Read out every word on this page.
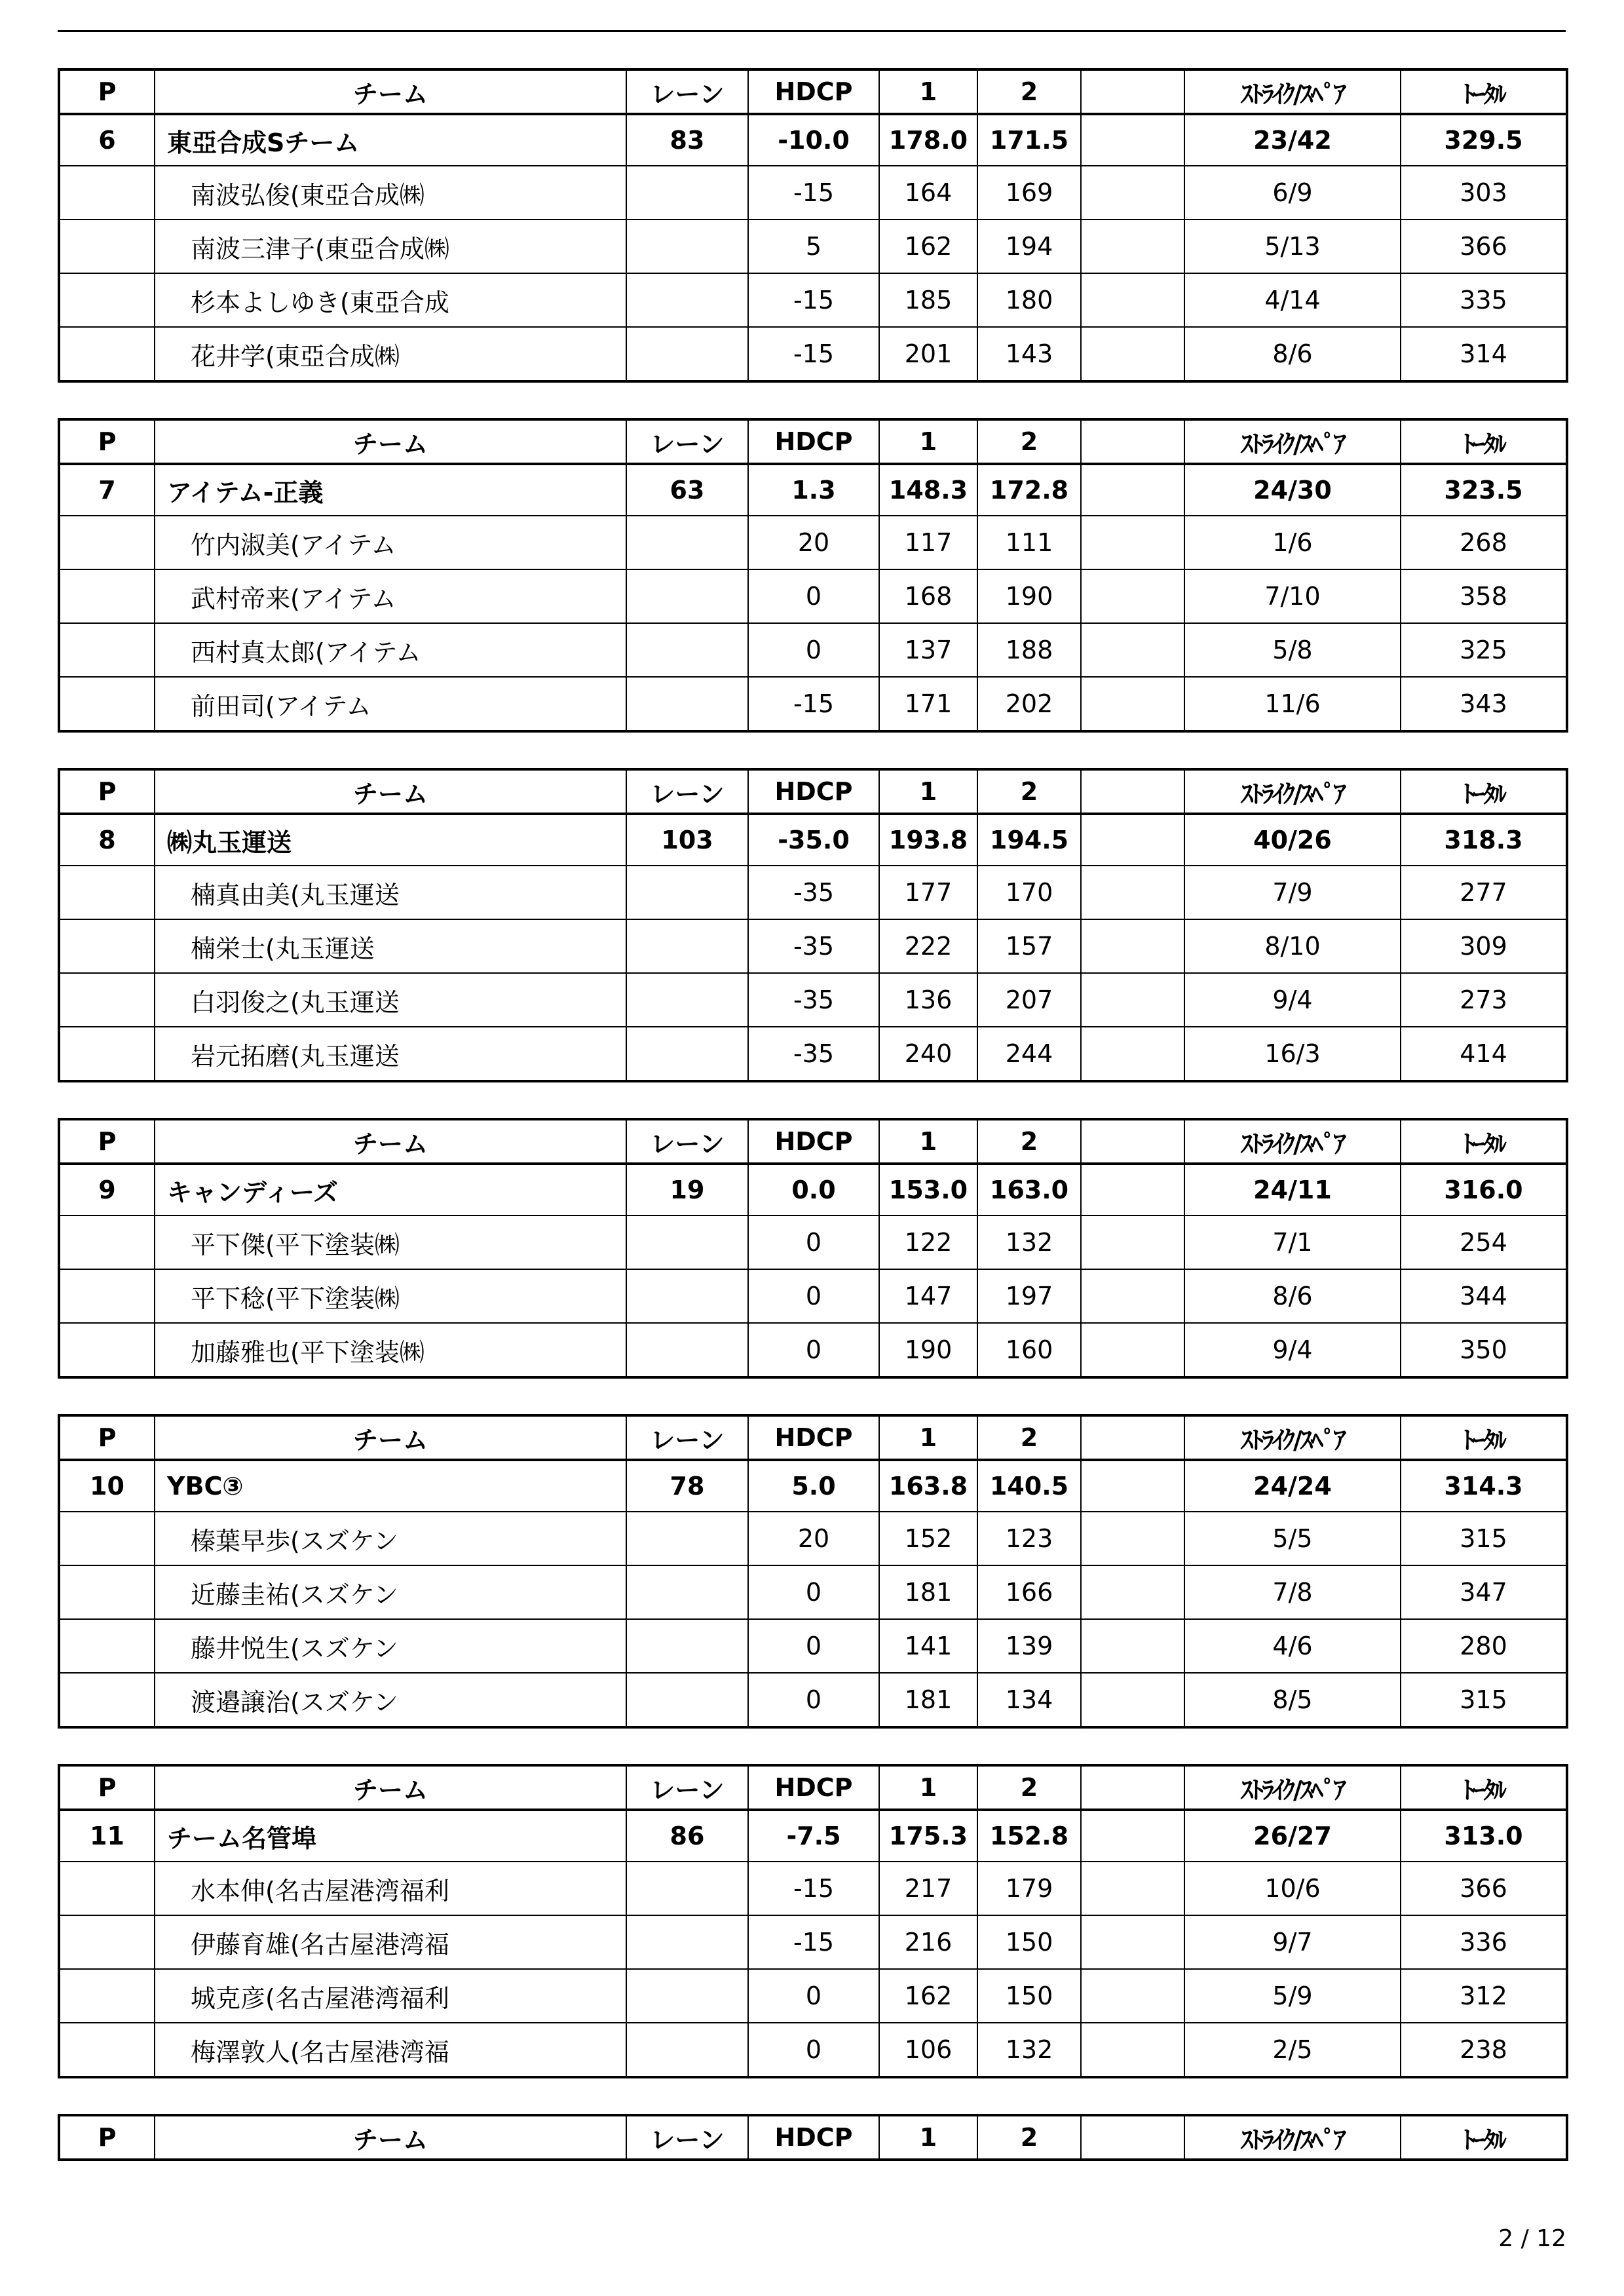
P	チーム	レーン	HDCP	1	2		ｽﾄﾗｲｸ/ｽﾍﾟｱ	ﾄｰﾀﾙ
6	東亞合成Sチーム	83	-10.0	178.0	171.5		23/42	329.5
	南波弘俊(東亞合成㈱		-15	164	169		6/9	303
	南波三津子(東亞合成㈱		5	162	194		5/13	366
	杉本よしゆき(東亞合成		-15	185	180		4/14	335
	花井学(東亞合成㈱		-15	201	143		8/6	314
P	チーム	レーン	HDCP	1	2		ｽﾄﾗｲｸ/ｽﾍﾟｱ	ﾄｰﾀﾙ
7	アイテム-正義	63	1.3	148.3	172.8		24/30	323.5
	竹内淑美(アイテム		20	117	111		1/6	268
	武村帝来(アイテム		0	168	190		7/10	358
	西村真太郎(アイテム		0	137	188		5/8	325
	前田司(アイテム		-15	171	202		11/6	343
P	チーム	レーン	HDCP	1	2		ｽﾄﾗｲｸ/ｽﾍﾟｱ	ﾄｰﾀﾙ
8	㈱丸玉運送	103	-35.0	193.8	194.5		40/26	318.3
	楠真由美(丸玉運送		-35	177	170		7/9	277
	楠栄士(丸玉運送		-35	222	157		8/10	309
	白羽俊之(丸玉運送		-35	136	207		9/4	273
	岩元拓磨(丸玉運送		-35	240	244		16/3	414
P	チーム	レーン	HDCP	1	2		ｽﾄﾗｲｸ/ｽﾍﾟｱ	ﾄｰﾀﾙ
9	キャンディーズ	19	0.0	153.0	163.0		24/11	316.0
	平下傑(平下塗装㈱		0	122	132		7/1	254
	平下稔(平下塗装㈱		0	147	197		8/6	344
	加藤雅也(平下塗装㈱		0	190	160		9/4	350
P	チーム	レーン	HDCP	1	2		ｽﾄﾗｲｸ/ｽﾍﾟｱ	ﾄｰﾀﾙ
10	YBC③	78	5.0	163.8	140.5		24/24	314.3
	榛葉早歩(スズケン		20	152	123		5/5	315
	近藤圭祐(スズケン		0	181	166		7/8	347
	藤井悦生(スズケン		0	141	139		4/6	280
	渡邉譲治(スズケン		0	181	134		8/5	315
P	チーム	レーン	HDCP	1	2		ｽﾄﾗｲｸ/ｽﾍﾟｱ	ﾄｰﾀﾙ
11	チーム名管埠	86	-7.5	175.3	152.8		26/27	313.0
	水本伸(名古屋港湾福利		-15	217	179		10/6	366
	伊藤育雄(名古屋港湾福		-15	216	150		9/7	336
	城克彦(名古屋港湾福利		0	162	150		5/9	312
	梅澤敦人(名古屋港湾福		0	106	132		2/5	238
P	チーム	レーン	HDCP	1	2		ｽﾄﾗｲｸ/ｽﾍﾟｱ	ﾄｰﾀﾙ
2 / 12
